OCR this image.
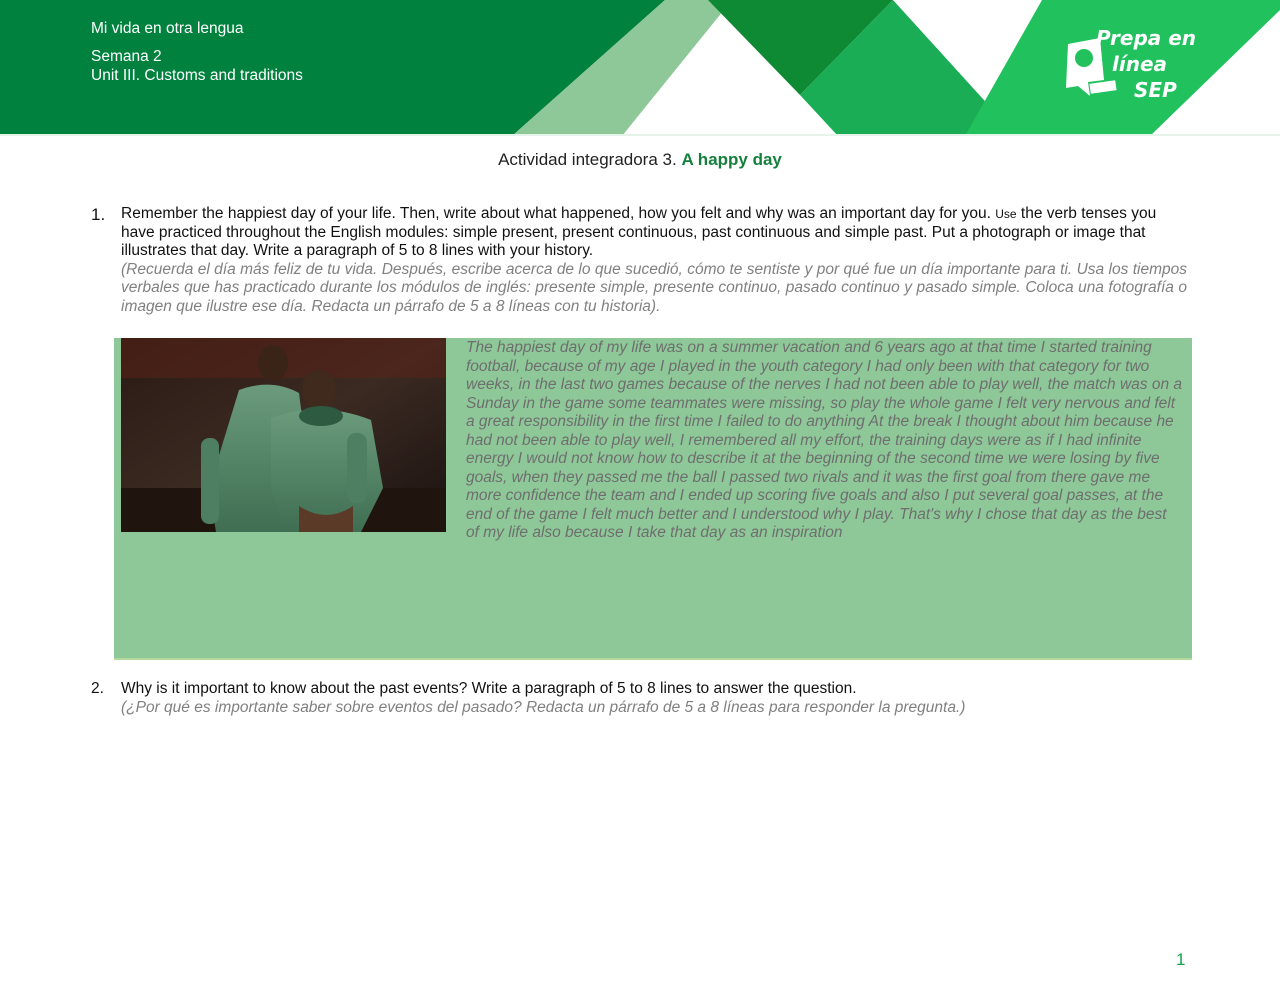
Mi vida en otra lengua
Semana 2
Unit III. Customs and traditions
Prepa en
línea
SEP
Actividad integradora 3. A happy day
1. Remember the happiest day of your life. Then, write about what happened, how you felt and why was an important day for you. Use the verb tenses you have practiced throughout the English modules: simple present, present continuous, past continuous and simple past. Put a photograph or image that illustrates that day. Write a paragraph of 5 to 8 lines with your history.
(Recuerda el día más feliz de tu vida. Después, escribe acerca de lo que sucedió, cómo te sentiste y por qué fue un día importante para ti. Usa los tiempos verbales que has practicado durante los módulos de inglés: presente simple, presente continuo, pasado continuo y pasado simple. Coloca una fotografía o imagen que ilustre ese día. Redacta un párrafo de 5 a 8 líneas con tu historia).
The happiest day of my life was on a summer vacation and 6 years ago at that time I started training football, because of my age I played in the youth category I had only been with that category for two weeks, in the last two games because of the nerves I had not been able to play well, the match was on a Sunday in the game some teammates were missing, so play the whole game I felt very nervous and felt a great responsibility in the first time I failed to do anything At the break I thought about him because he had not been able to play well, I remembered all my effort, the training days were as if I had infinite energy I would not know how to describe it at the beginning of the second time we were losing by five goals, when they passed me the ball I passed two rivals and it was the first goal from there gave me more confidence the team and I ended up scoring five goals and also I put several goal passes, at the end of the game I felt much better and I understood why I play. That's why I chose that day as the best of my life also because I take that day as an inspiration
2. Why is it important to know about the past events? Write a paragraph of 5 to 8 lines to answer the question.
(¿Por qué es importante saber sobre eventos del pasado? Redacta un párrafo de 5 a 8 líneas para responder la pregunta.)
1
